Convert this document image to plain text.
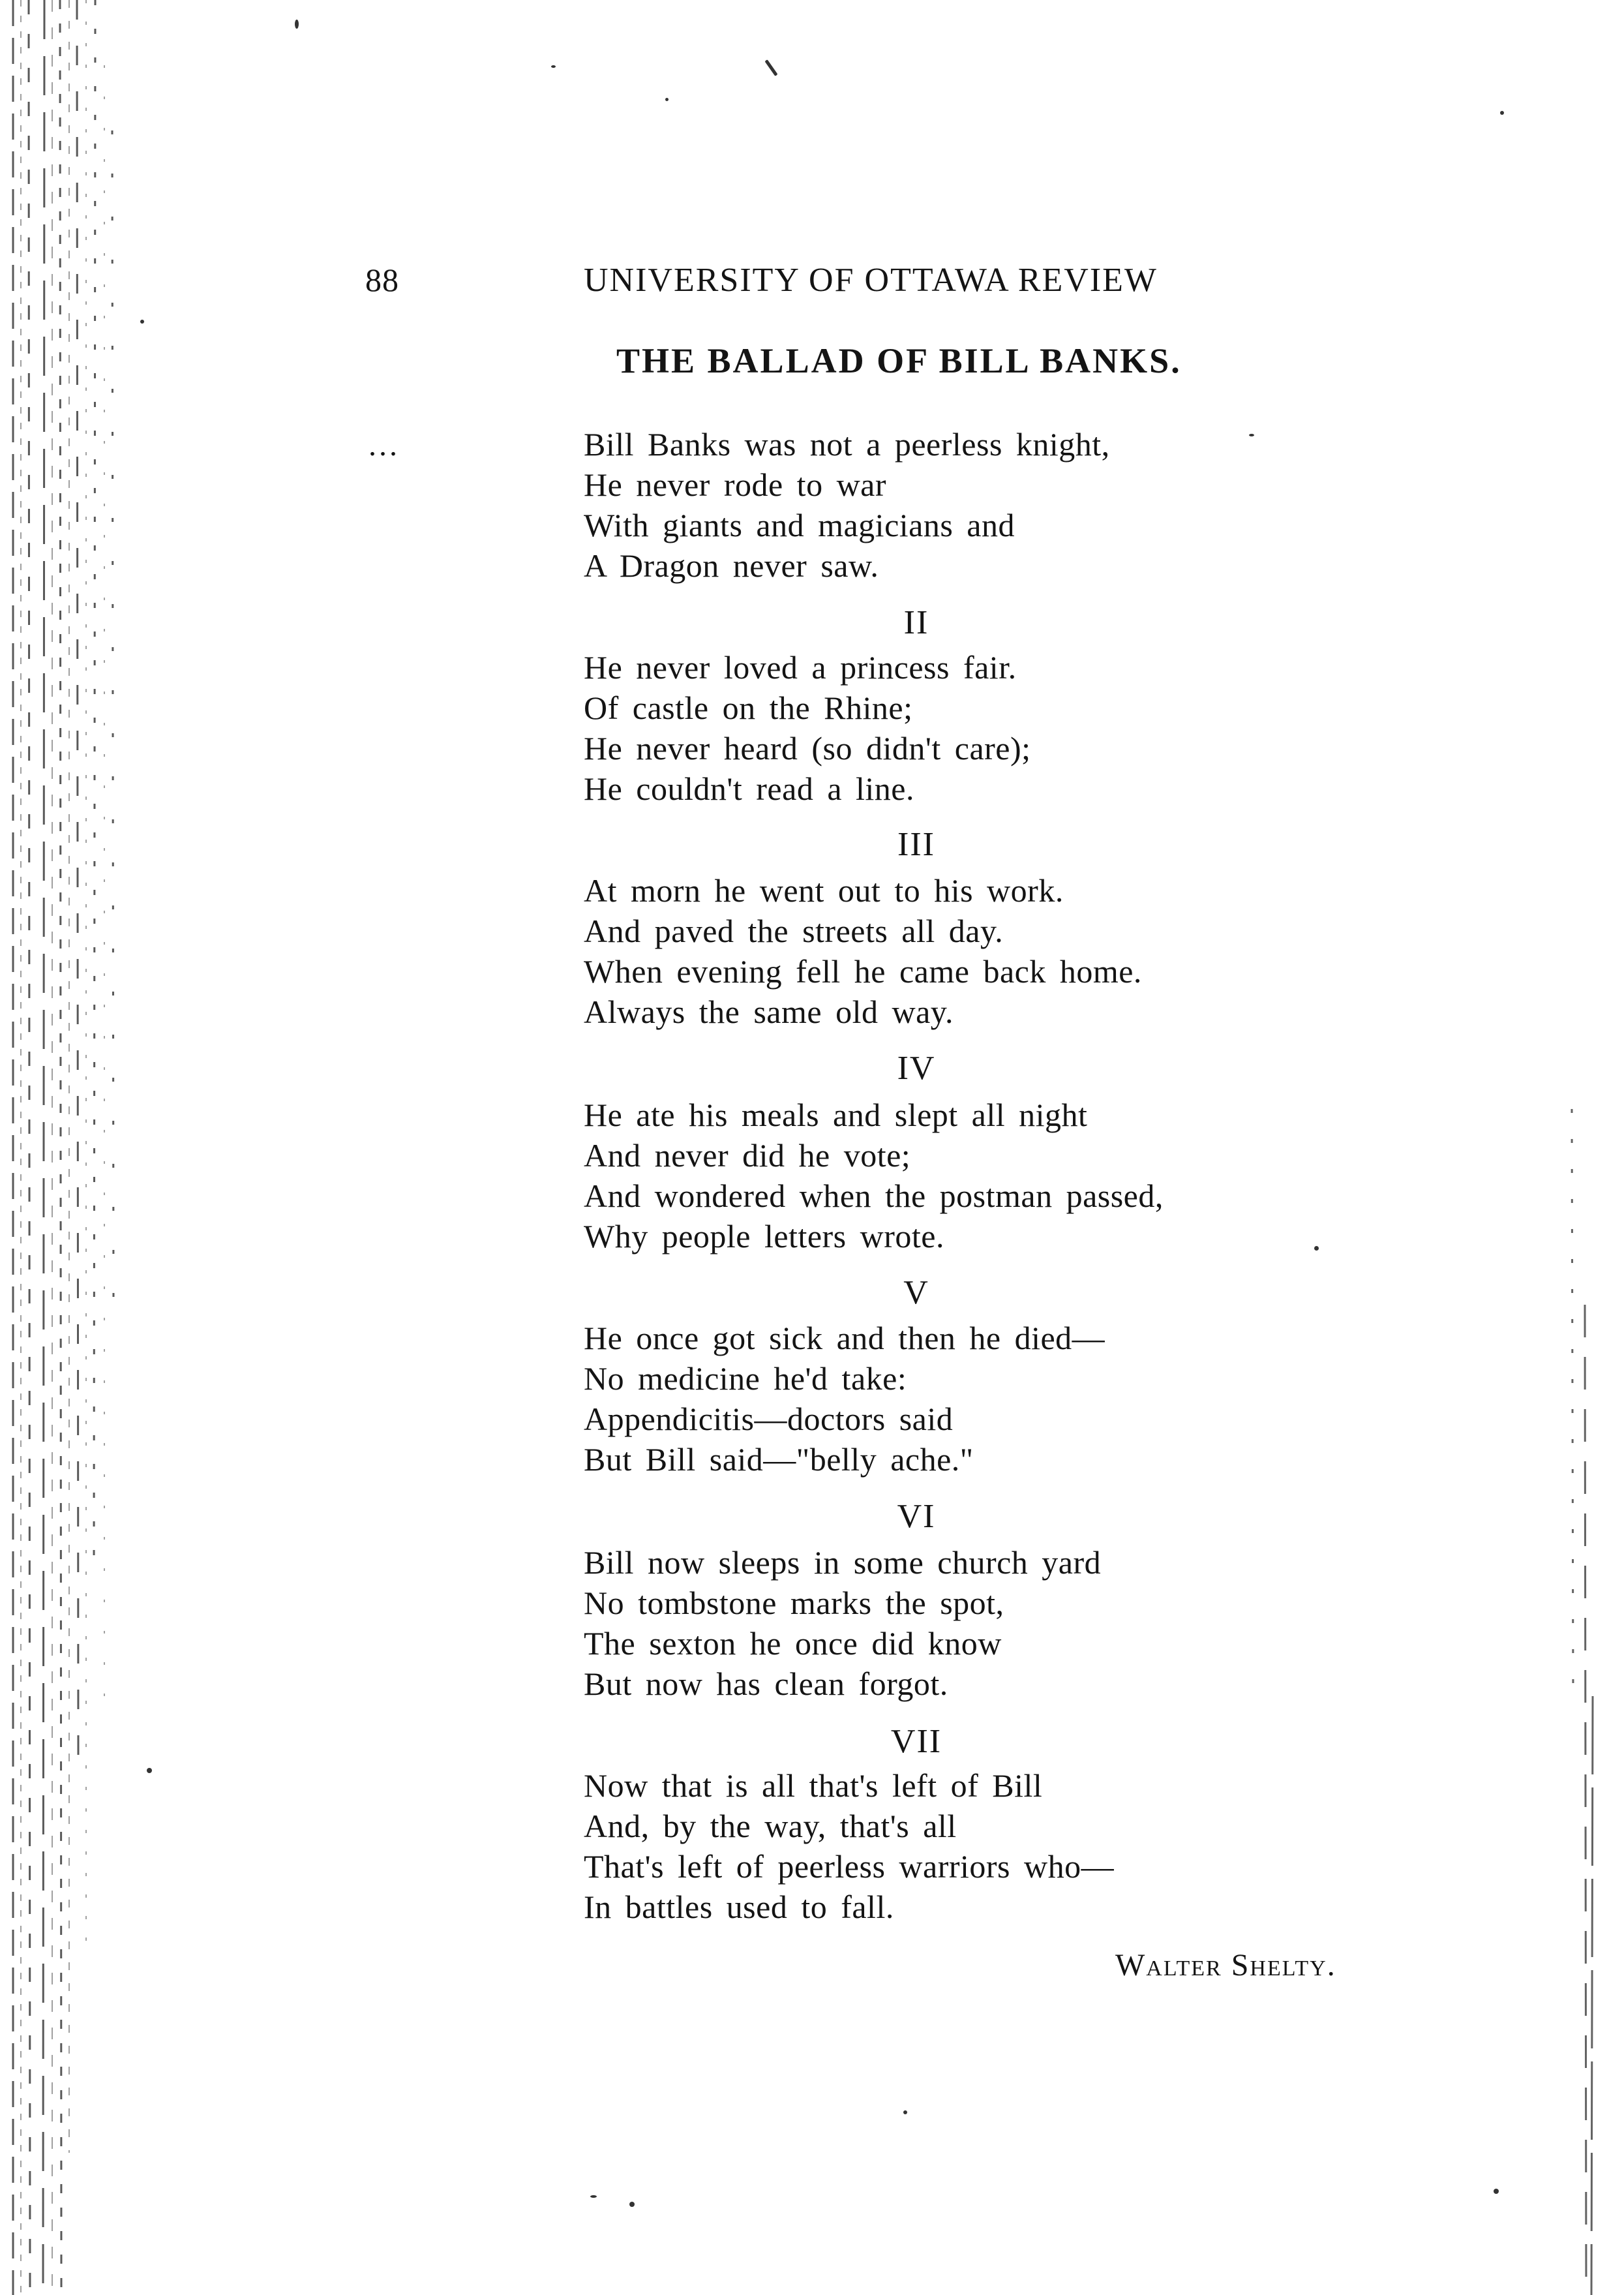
88	UNIVERSITY OF OTTAWA REVIEW
THE BALLAD OF BILL BANKS.
...	Bill Banks was not a peerless knight,
He never rode to war
With giants and magicians and
A Dragon never saw.
II
He never loved a princess fair.
Of castle on the Rhine;
He never heard (so didn't care);
He couldn't read a line.
III
At morn he went out to his work.
And paved the streets all day.
When evening fell he came back home.
Always the same old way.
IV
He ate his meals and slept all night
And never did he vote;
And wondered when the postman passed,
Why people letters wrote.
V
He once got sick and then he died—
No medicine he'd take:
Appendicitis—doctors said
But Bill said—"belly ache."
VI
Bill now sleeps in some church yard
No tombstone marks the spot,
The sexton he once did know
But now has clean forgot.
VII
Now that is all that's left of Bill
And, by the way, that's all
That's left of peerless warriors who—
In battles used to fall.
Walter Shelty.
